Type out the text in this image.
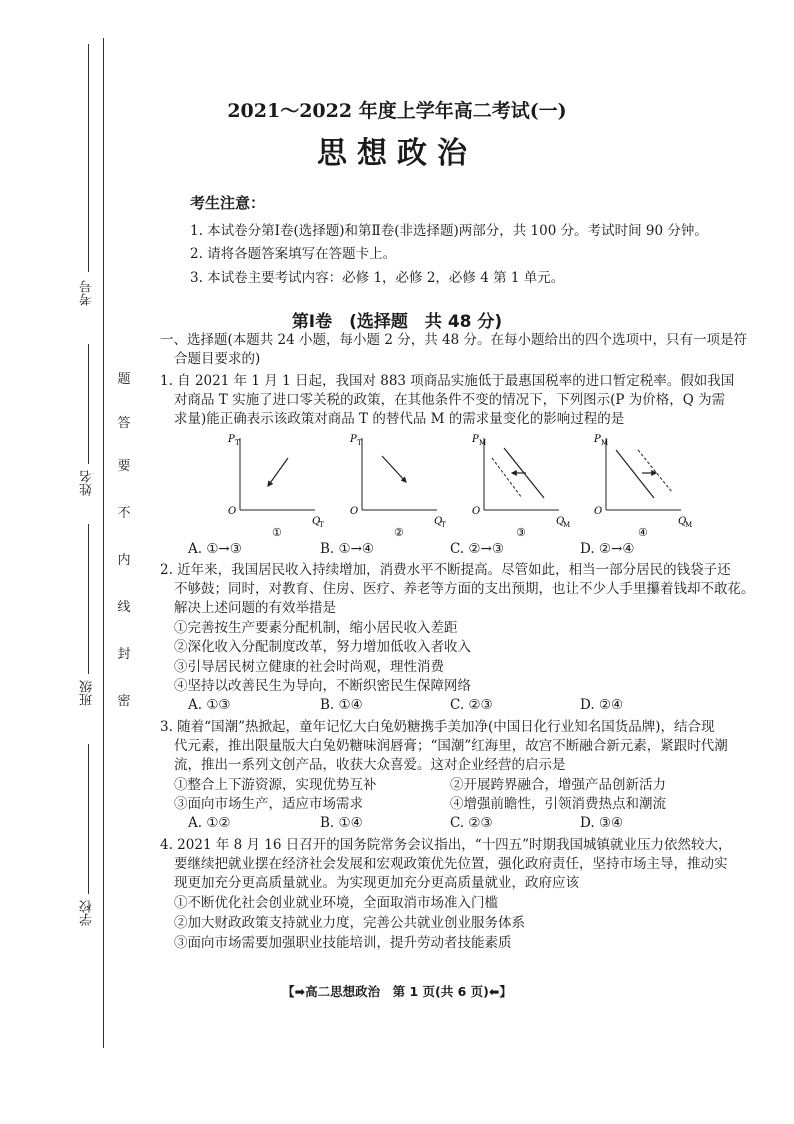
考号
姓名
班级
学校
密
封
线
内
不
要
答
题
2021～2022 年度上学年高二考试(一)
思想政治
考生注意：
1. 本试卷分第Ⅰ卷(选择题)和第Ⅱ卷(非选择题)两部分，共 100 分。考试时间 90 分钟。
2. 请将各题答案填写在答题卡上。
3. 本试卷主要考试内容：必修 1，必修 2，必修 4 第 1 单元。
第Ⅰ卷　(选择题　共 48 分)
一、选择题(本题共 24 小题，每小题 2 分，共 48 分。在每小题给出的四个选项中，只有一项是符
合题目要求的)
1. 自 2021 年 1 月 1 日起，我国对 883 项商品实施低于最惠国税率的进口暂定税率。假如我国
对商品 T 实施了进口零关税的政策，在其他条件不变的情况下，下列图示(P 为价格，Q 为需
求量)能正确表示该政策对商品 T 的替代品 M 的需求量变化的影响过程的是
P T
O
Q
T
①
P T
O
Q
T
②
P M
O
Q
M
③
P M
O
Q
M
④
A. ①→③	B. ①→④	C. ②→③	D. ②→④
2. 近年来，我国居民收入持续增加，消费水平不断提高。尽管如此，相当一部分居民的钱袋子还
不够鼓；同时，对教育、住房、医疗、养老等方面的支出预期，也让不少人手里攥着钱却不敢花。
解决上述问题的有效举措是
①完善按生产要素分配机制，缩小居民收入差距
②深化收入分配制度改革，努力增加低收入者收入
③引导居民树立健康的社会时尚观，理性消费
④坚持以改善民生为导向，不断织密民生保障网络
A. ①③	B. ①④	C. ②③	D. ②④
3. 随着“国潮”热掀起，童年记忆大白兔奶糖携手美加净(中国日化行业知名国货品牌)，结合现
代元素，推出限量版大白兔奶糖味润唇膏；“国潮”红海里，故宫不断融合新元素，紧跟时代潮
流，推出一系列文创产品，收获大众喜爱。这对企业经营的启示是
①整合上下游资源，实现优势互补	②开展跨界融合，增强产品创新活力
③面向市场生产，适应市场需求	④增强前瞻性，引领消费热点和潮流
A. ①②	B. ①④	C. ②③	D. ③④
4. 2021 年 8 月 16 日召开的国务院常务会议指出，“十四五”时期我国城镇就业压力依然较大，
要继续把就业摆在经济社会发展和宏观政策优先位置，强化政府责任，坚持市场主导，推动实
现更加充分更高质量就业。为实现更加充分更高质量就业，政府应该
①不断优化社会创业就业环境，全面取消市场准入门槛
②加大财政政策支持就业力度，完善公共就业创业服务体系
③面向市场需要加强职业技能培训，提升劳动者技能素质
【➡高二思想政治　第 1 页(共 6 页)⬅】
